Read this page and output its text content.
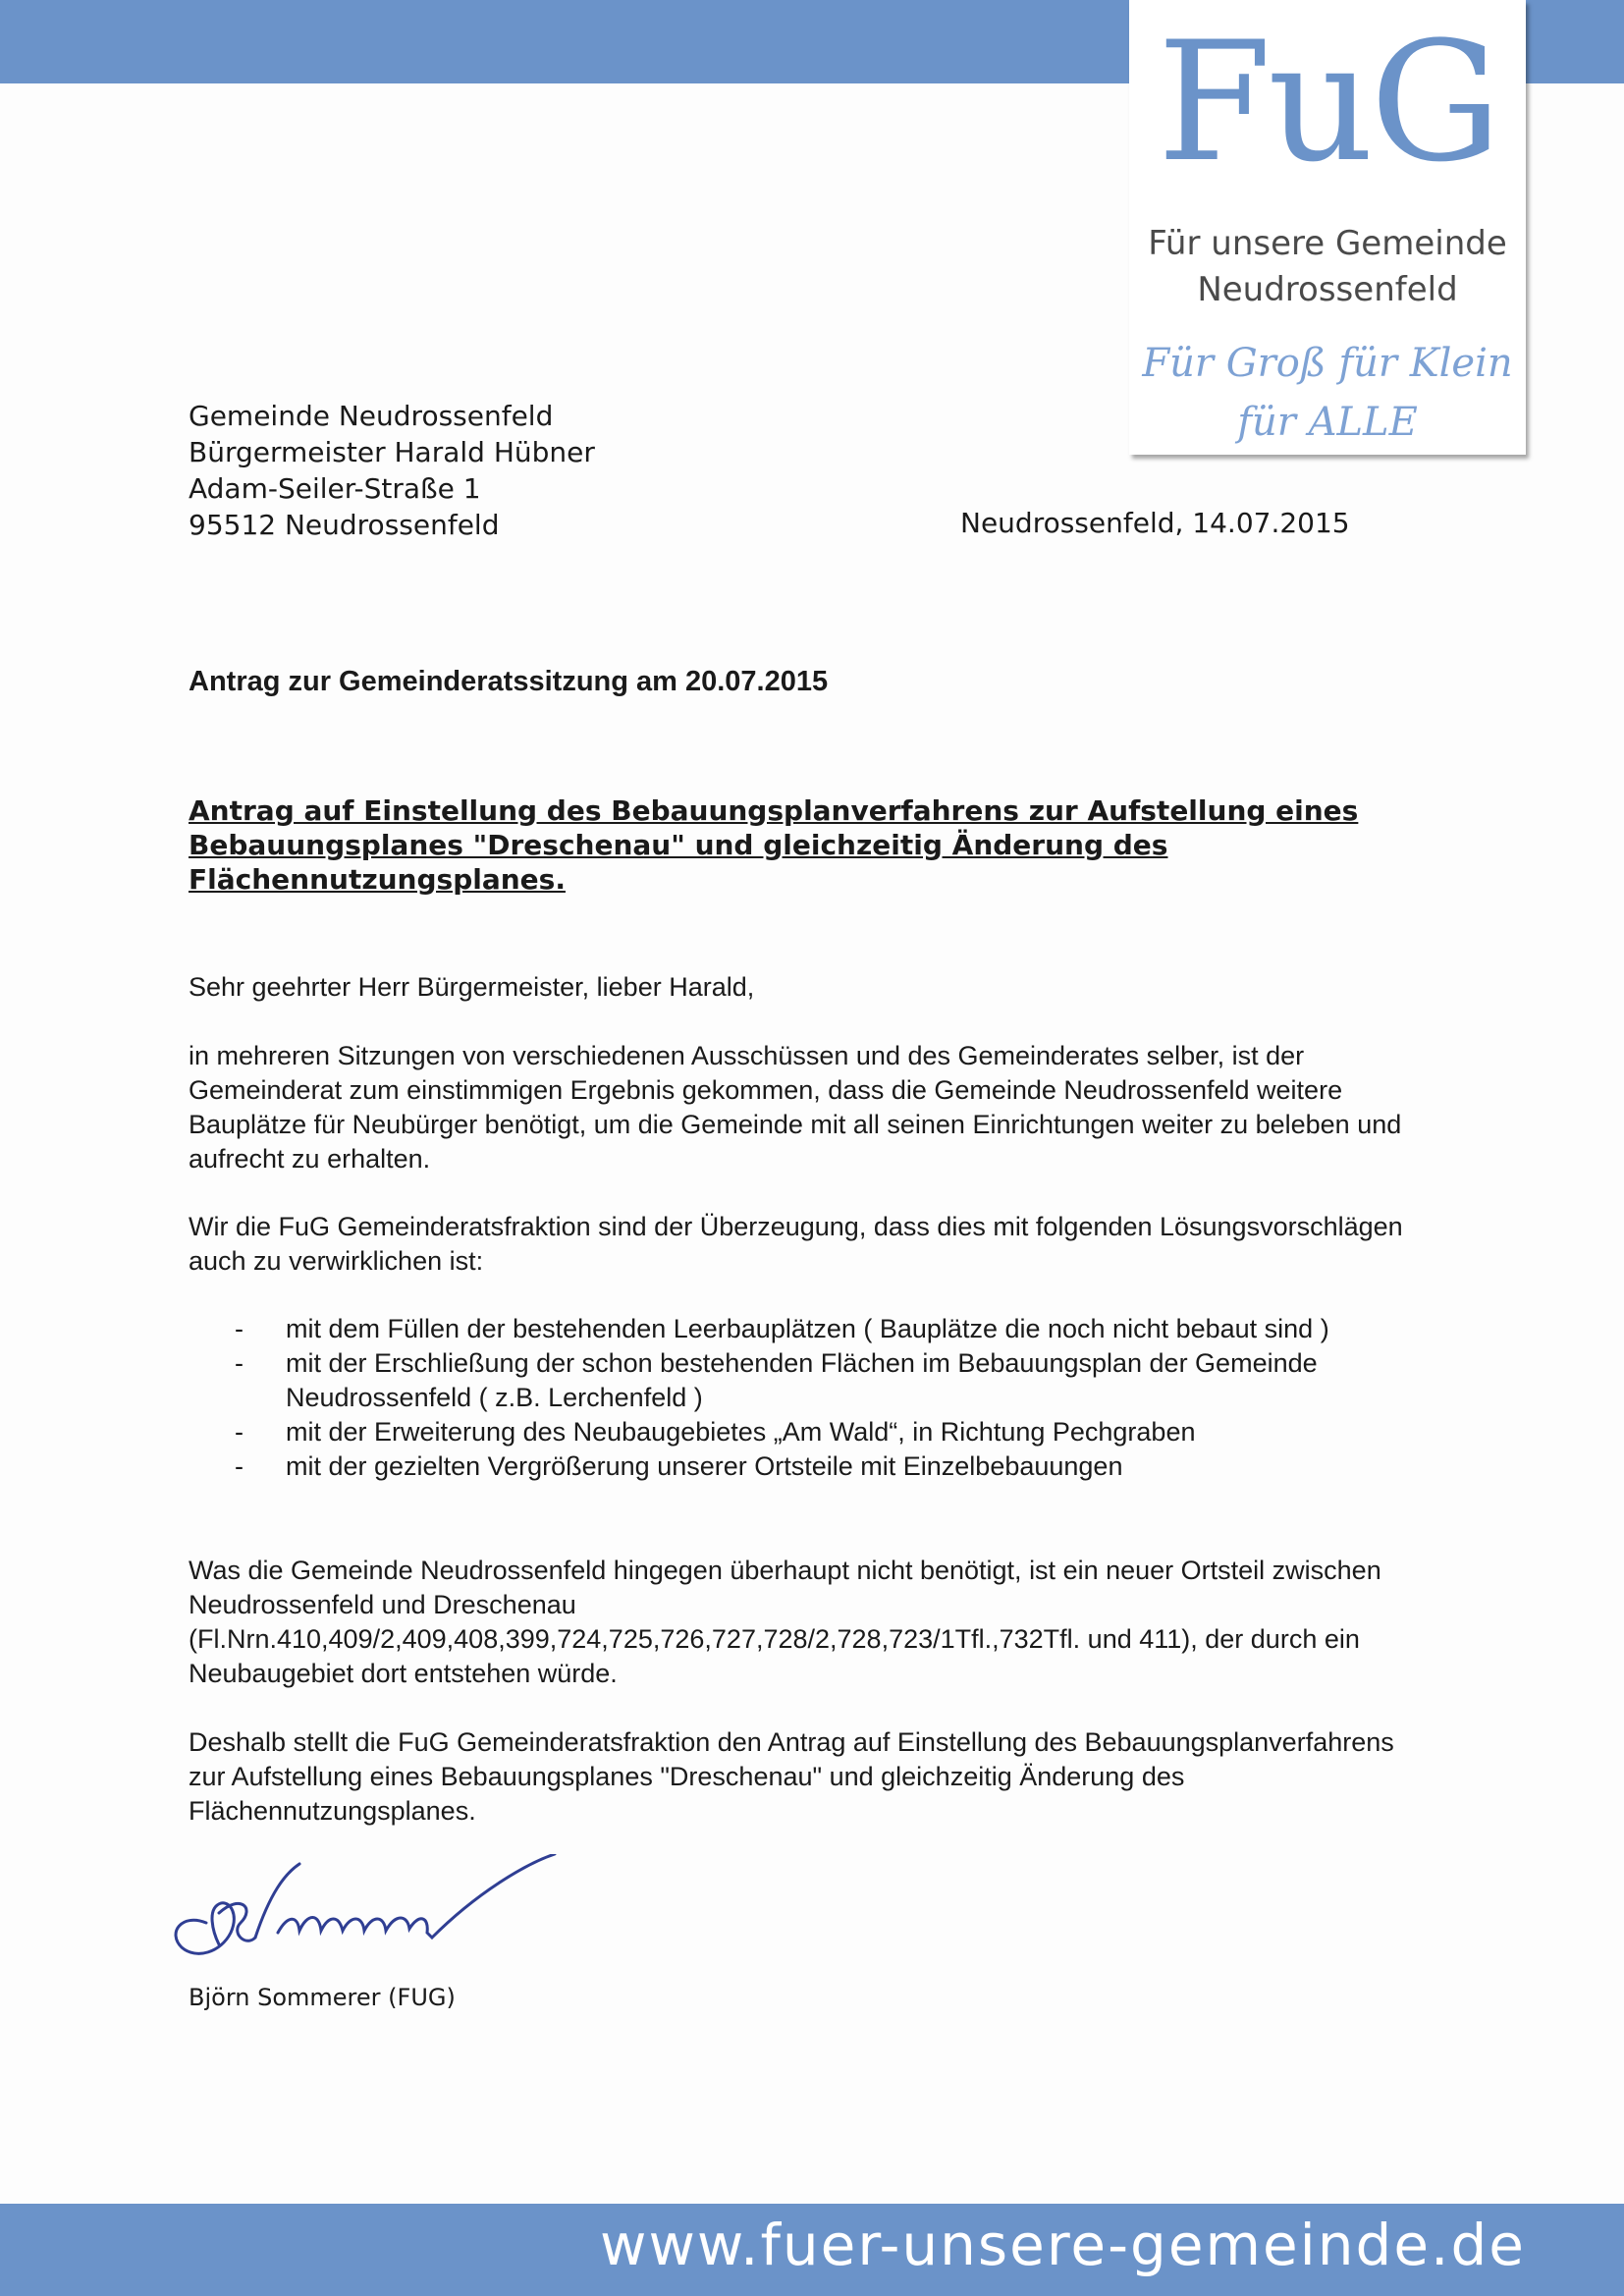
FuG
Für unsere Gemeinde
Neudrossenfeld
Für Groß für Klein
für ALLE
Gemeinde Neudrossenfeld
Bürgermeister Harald Hübner
Adam-Seiler-Straße 1
95512 Neudrossenfeld	Neudrossenfeld, 14.07.2015
Antrag zur Gemeinderatssitzung am 20.07.2015
Antrag auf Einstellung des Bebauungsplanverfahrens zur Aufstellung eines Bebauungsplanes "Dreschenau" und gleichzeitig Änderung des Flächennutzungsplanes.
Sehr geehrter Herr Bürgermeister, lieber Harald,
in mehreren Sitzungen von verschiedenen Ausschüssen und des Gemeinderates selber, ist der Gemeinderat zum einstimmigen Ergebnis gekommen, dass die Gemeinde Neudrossenfeld weitere Bauplätze für Neubürger benötigt, um die Gemeinde mit all seinen Einrichtungen weiter zu beleben und aufrecht zu erhalten.
Wir die FuG Gemeinderatsfraktion sind der Überzeugung, dass dies mit folgenden Lösungsvorschlägen auch zu verwirklichen ist:
- mit dem Füllen der bestehenden Leerbauplätzen ( Bauplätze die noch nicht bebaut sind )
- mit der Erschließung der schon bestehenden Flächen im Bebauungsplan der Gemeinde Neudrossenfeld ( z.B. Lerchenfeld )
- mit der Erweiterung des Neubaugebietes „Am Wald“, in Richtung Pechgraben
- mit der gezielten Vergrößerung unserer Ortsteile mit Einzelbebauungen
Was die Gemeinde Neudrossenfeld hingegen überhaupt nicht benötigt, ist ein neuer Ortsteil zwischen Neudrossenfeld und Dreschenau (Fl.Nrn.410,409/2,409,408,399,724,725,726,727,728/2,728,723/1Tfl.,732Tfl. und 411), der durch ein Neubaugebiet dort entstehen würde.
Deshalb stellt die FuG Gemeinderatsfraktion den Antrag auf Einstellung des Bebauungsplanverfahrens zur Aufstellung eines Bebauungsplanes "Dreschenau" und gleichzeitig Änderung des Flächennutzungsplanes.
Björn Sommerer (FUG)
www.fuer-unsere-gemeinde.de
